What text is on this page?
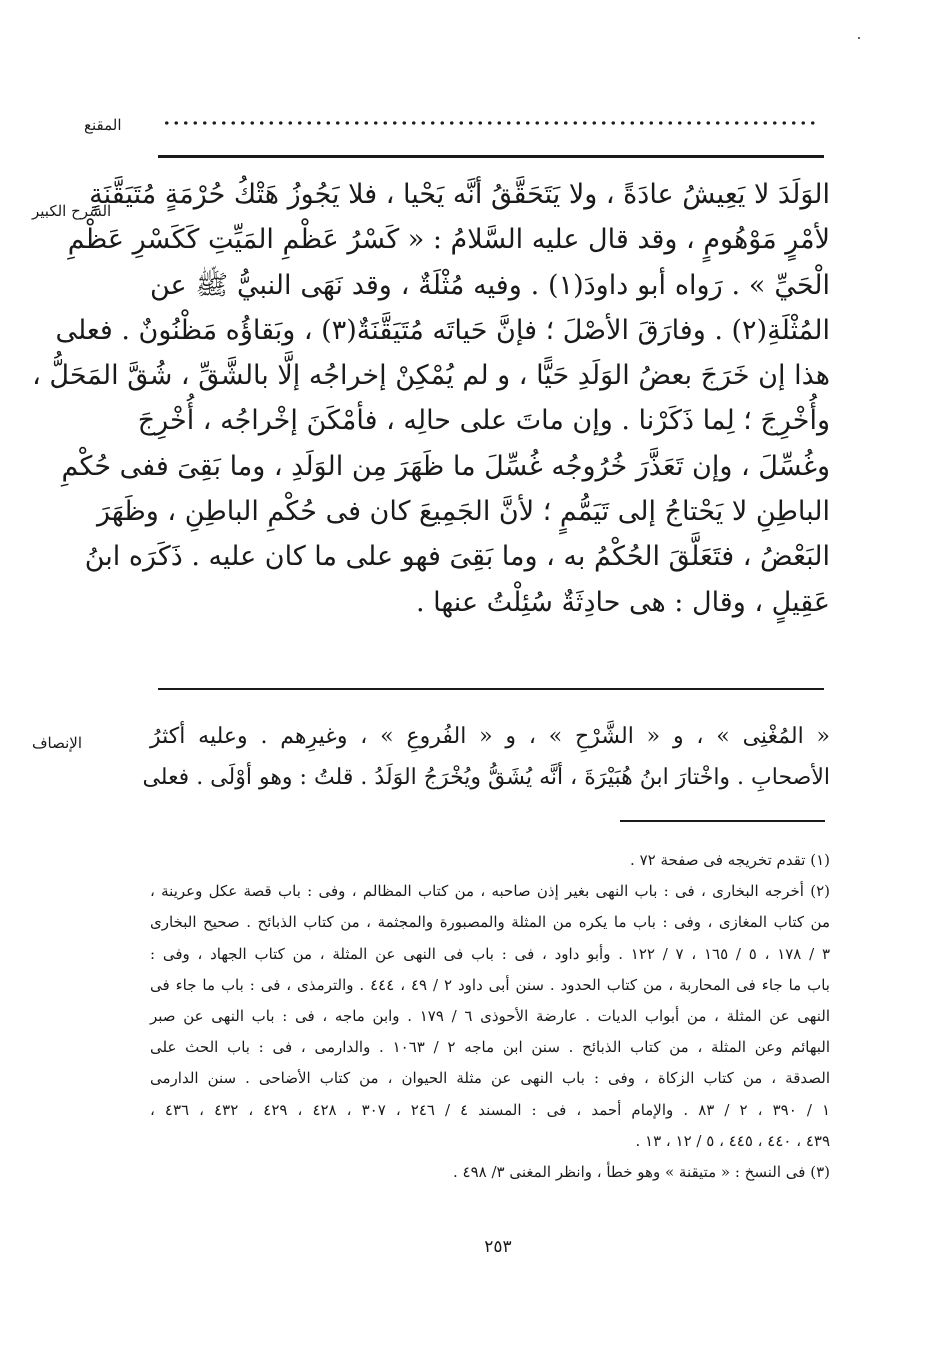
المقنع
الشرح الكبير
الوَلَدَ لا يَعِيشُ عادَةً ، ولا يَتَحَقَّقُ أنَّه يَحْيا ، فلا يَجُوزُ هَتْكُ حُرْمَةٍ مُتَيَقَّنَةٍ
لأمْرٍ مَوْهُومٍ ، وقد قال عليه السَّلامُ : « كَسْرُ عَظْمِ المَيِّتِ كَكَسْرِ عَظْمِ
الْحَيِّ » . رَواه أبو داودَ(١) . وفيه مُثْلَةٌ ، وقد نَهَى النبيُّ ﷺ عن
المُثْلَةِ(٢) . وفارَقَ الأصْلَ ؛ فإنَّ حَياتَه مُتَيَقَّنَةٌ(٣) ، وبَقاؤُه مَظْنُونٌ . فعلى
هذا إن خَرَجَ بعضُ الوَلَدِ حَيًّا ، و لم يُمْكِنْ إخراجُه إلَّا بالشَّقِّ ، شُقَّ المَحَلُّ ،
وأُخْرِجَ ؛ لِما ذَكَرْنا . وإن ماتَ على حالِه ، فأمْكَنَ إخْراجُه ، أُخْرِجَ
وغُسِّلَ ، وإن تَعَذَّرَ خُرُوجُه غُسِّلَ ما ظَهَرَ مِن الوَلَدِ ، وما بَقِىَ ففى حُكْمِ
الباطِنِ لا يَحْتاجُ إلى تَيَمُّمٍ ؛ لأنَّ الجَمِيعَ كان فى حُكْمِ الباطِنِ ، وظَهَرَ
البَعْضُ ، فتَعَلَّقَ الحُكْمُ به ، وما بَقِىَ فهو على ما كان عليه . ذَكَرَه ابنُ
عَقِيلٍ ، وقال : هى حادِثَةٌ سُئِلْتُ عنها .
الإنصاف	« المُغْنِى » ، و « الشَّرْحِ » ، و « الفُروعِ » ، وغيرِهم . وعليه أكثرُ
الأصحابِ . واخْتارَ ابنُ هُبَيْرَةَ ، أنَّه يُشَقُّ ويُخْرَجُ الوَلَدُ . قلتُ : وهو أوْلَى . فعلى
(١) تقدم تخريجه فى صفحة ٧٢ .
(٢) أخرجه البخارى ، فى : باب النهى بغير إذن صاحبه ، من كتاب المظالم ، وفى : باب قصة عكل وعرينة ،
من كتاب المغازى ، وفى : باب ما يكره من المثلة والمصبورة والمجثمة ، من كتاب الذبائح . صحيح البخارى
٣ / ١٧٨ ، ٥ / ١٦٥ ، ٧ / ١٢٢ . وأبو داود ، فى : باب فى النهى عن المثلة ، من كتاب الجهاد ، وفى :
باب ما جاء فى المحاربة ، من كتاب الحدود . سنن أبى داود ٢ / ٤٩ ، ٤٤٤ . والترمذى ، فى : باب ما جاء فى
النهى عن المثلة ، من أبواب الديات . عارضة الأحوذى ٦ / ١٧٩ . وابن ماجه ، فى : باب النهى عن صبر
البهائم وعن المثلة ، من كتاب الذبائح . سنن ابن ماجه ٢ / ١٠٦٣ . والدارمى ، فى : باب الحث على
الصدقة ، من كتاب الزكاة ، وفى : باب النهى عن مثلة الحيوان ، من كتاب الأضاحى . سنن الدارمى
١ / ٣٩٠ ، ٢ / ٨٣ . والإمام أحمد ، فى : المسند ٤ / ٢٤٦ ، ٣٠٧ ، ٤٢٨ ، ٤٢٩ ، ٤٣٢ ، ٤٣٦ ،
٤٣٩ ، ٤٤٠ ، ٤٤٥ ، ٥ / ١٢ ، ١٣ .
(٣) فى النسخ : « متيقنة » وهو خطأ ، وانظر المغنى ٣/ ٤٩٨ .
٢٥٣
